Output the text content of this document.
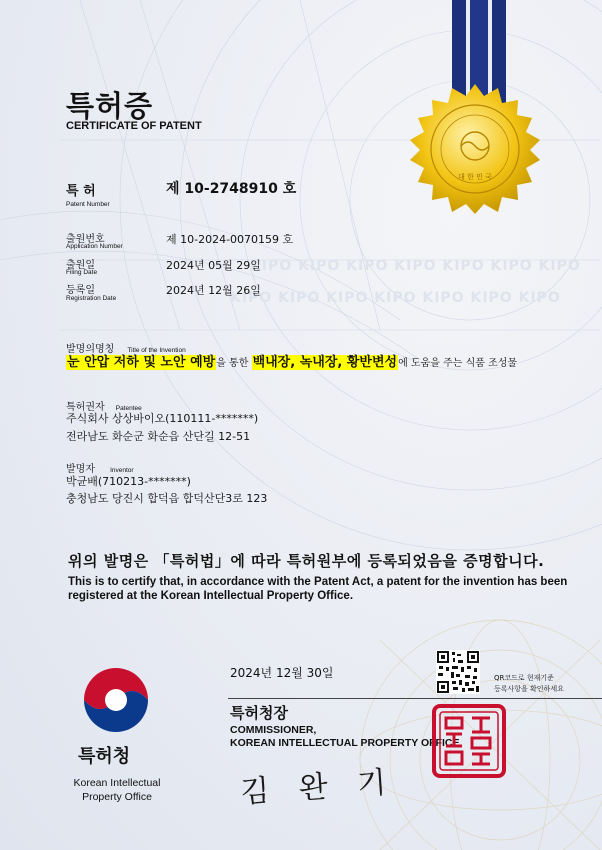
KIPO KIPO KIPO KIPO KIPO KIPO KIPO
KIPO KIPO KIPO KIPO KIPO KIPO KIPO
대 한 민 국
특허증
CERTIFICATE OF PATENT
특 허
Patent Number
제 10-2748910 호
출원번호
Application Number
제 10-2024-0070159 호
출원일
Filing Date
2024년 05월 29일
등록일
Registration Date
2024년 12월 26일
발명의명칭 Title of the Invention
눈 안압 저하 및 노안 예방을 통한 백내장, 녹내장, 황반변성에 도움을 주는 식품 조성물
특허권자 Patentee
주식회사 상상바이오(110111-*******)
전라남도 화순군 화순읍 산단길 12-51
발명자 Inventor
박균배(710213-*******)
충청남도 당진시 합덕읍 합덕산단3로 123
위의 발명은 「특허법」에 따라 특허원부에 등록되었음을 증명합니다.
This is to certify that, in accordance with the Patent Act, a patent for the invention has been registered at the Korean Intellectual Property Office.
특허청
Korean Intellectual
Property Office
2024년 12월 30일	QR코드로 현재기준
등록사항을 확인하세요
특허청장
COMMISSIONER,
KOREAN INTELLECTUAL PROPERTY OFFICE
김 완 기
